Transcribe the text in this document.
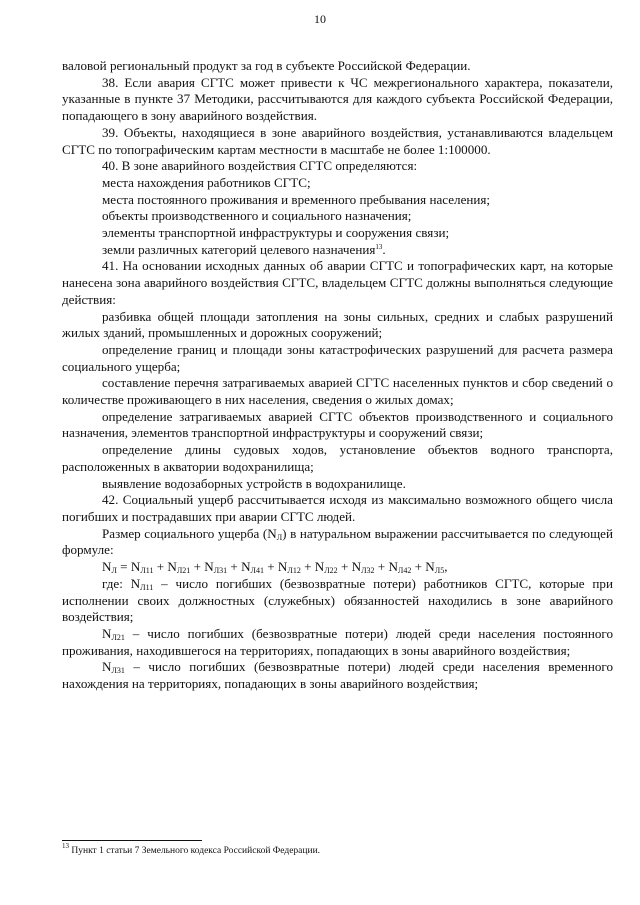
10

валовой региональный продукт за год в субъекте Российской Федерации.

38. Если авария СГТС может привести к ЧС межрегионального характера, показатели, указанные в пункте 37 Методики, рассчитываются для каждого субъекта Российской Федерации, попадающего в зону аварийного воздействия.

39. Объекты, находящиеся в зоне аварийного воздействия, устанавливаются владельцем СГТС по топографическим картам местности в масштабе не более 1:100000.

40. В зоне аварийного воздействия СГТС определяются:

места нахождения работников СГТС;

места постоянного проживания и временного пребывания населения;

объекты производственного и социального назначения;

элементы транспортной инфраструктуры и сооружения связи;

земли различных категорий целевого назначения$^{13}$.

41. На основании исходных данных об аварии СГТС и топографических карт, на которые нанесена зона аварийного воздействия СГТС, владельцем СГТС должны выполняться следующие действия:

разбивка общей площади затопления на зоны сильных, средних и слабых разрушений жилых зданий, промышленных и дорожных сооружений;

определение границ и площади зоны катастрофических разрушений для расчета размера социального ущерба;

составление перечня затрагиваемых аварией СГТС населенных пунктов и сбор сведений о количестве проживающего в них населения, сведения о жилых домах;

определение затрагиваемых аварией СГТС объектов производственного и социального назначения, элементов транспортной инфраструктуры и сооружений связи;

определение длины судовых ходов, установление объектов водного транспорта, расположенных в акватории водохранилища;

выявление водозаборных устройств в водохранилище.

42. Социальный ущерб рассчитывается исходя из максимально возможного общего числа погибших и пострадавших при аварии СГТС людей.

Размер социального ущерба $(N_Л)$ в натуральном выражении рассчитывается по следующей формуле:

$N_Л = N_{Л11} + N_{Л21} + N_{Л31} + N_{Л41} + N_{Л12} + N_{Л22} + N_{Л32} + N_{Л42} + N_{Л5}$,

где: $N_{Л11}$ – число погибших (безвозвратные потери) работников СГТС, которые при исполнении своих должностных (служебных) обязанностей находились в зоне аварийного воздействия;

$N_{Л21}$ – число погибших (безвозвратные потери) людей среди населения постоянного проживания, находившегося на территориях, попадающих в зоны аварийного воздействия;

$N_{Л31}$ – число погибших (безвозвратные потери) людей среди населения временного нахождения на территориях, попадающих в зоны аварийного воздействия;

$^{13}$ Пункт 1 статьи 7 Земельного кодекса Российской Федерации.
